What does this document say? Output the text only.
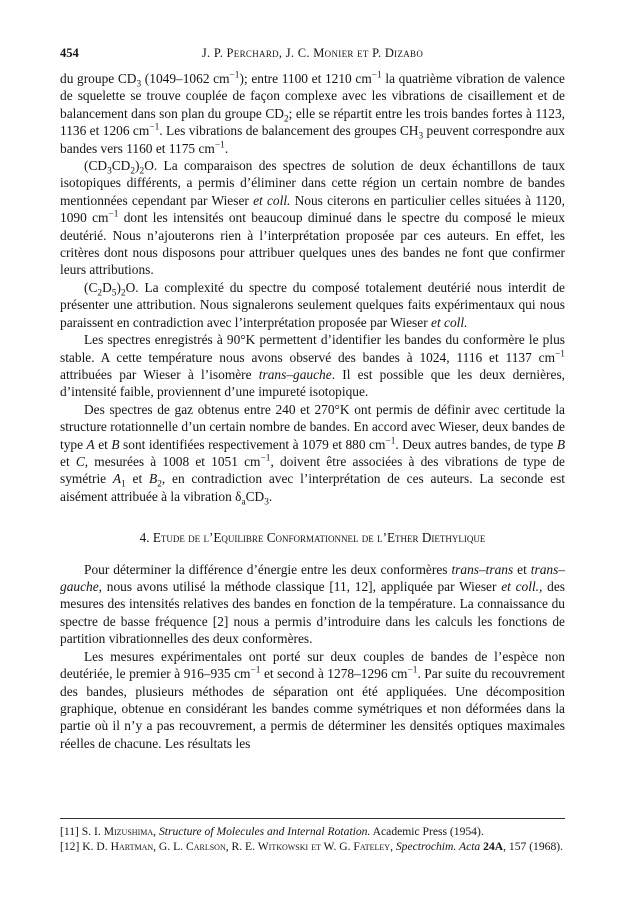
454	J. P. Perchard, J. C. Monier et P. Dizabo

du groupe $CD_3$ (1049–1062 $cm^{-1}$); entre 1100 et 1210 $cm^{-1}$ la quatrième vibration de valence de squelette se trouve couplée de façon complexe avec les vibrations de cisaillement et de balancement dans son plan du groupe $CD_2$; elle se répartit entre les trois bandes fortes à 1123, 1136 et 1206 $cm^{-1}$. Les vibrations de balancement des groupes $CH_3$ peuvent correspondre aux bandes vers 1160 et 1175 $cm^{-1}$.

$(CD_3CD_2)_2O$. La comparaison des spectres de solution de deux échantillons de taux isotopiques différents, a permis d’éliminer dans cette région un certain nombre de bandes mentionnées cependant par Wieser et coll. Nous citerons en particulier celles situées à 1120, 1090 $cm^{-1}$ dont les intensités ont beaucoup diminué dans le spectre du composé le mieux deutérié. Nous n’ajouterons rien à l’interprétation proposée par ces auteurs. En effet, les critères dont nous disposons pour attribuer quelques unes des bandes ne font que confirmer leurs attributions.

$(C_2D_5)_2O$. La complexité du spectre du composé totalement deutérié nous interdit de présenter une attribution. Nous signalerons seulement quelques faits expérimentaux qui nous paraissent en contradiction avec l’interprétation proposée par Wieser et coll.

Les spectres enregistrés à 90°K permettent d’identifier les bandes du conformère le plus stable. A cette température nous avons observé des bandes à 1024, 1116 et 1137 $cm^{-1}$ attribuées par Wieser à l’isomère trans–gauche. Il est possible que les deux dernières, d’intensité faible, proviennent d’une impureté isotopique.

Des spectres de gaz obtenus entre 240 et 270°K ont permis de définir avec certitude la structure rotationnelle d’un certain nombre de bandes. En accord avec Wieser, deux bandes de type A et B sont identifiées respectivement à 1079 et 880 $cm^{-1}$. Deux autres bandes, de type B et C, mesurées à 1008 et 1051 $cm^{-1}$, doivent être associées à des vibrations de type de symétrie $A_1$ et $B_2$, en contradiction avec l’interprétation de ces auteurs. La seconde est aisément attribuée à la vibration $\delta_aCD_3$.

4. Etude de l’Equilibre Conformationnel de l’Ether Diethylique

Pour déterminer la différence d’énergie entre les deux conformères trans–trans et trans–gauche, nous avons utilisé la méthode classique [11, 12], appliquée par Wieser et coll., des mesures des intensités relatives des bandes en fonction de la température. La connaissance du spectre de basse fréquence [2] nous a permis d’introduire dans les calculs les fonctions de partition vibrationnelles des deux conformères.

Les mesures expérimentales ont porté sur deux couples de bandes de l’espèce non deutériée, le premier à 916–935 $cm^{-1}$ et second à 1278–1296 $cm^{-1}$. Par suite du recouvrement des bandes, plusieurs méthodes de séparation ont été appliquées. Une décomposition graphique, obtenue en considérant les bandes comme symétriques et non déformées dans la partie où il n’y a pas recouvrement, a permis de déterminer les densités optiques maximales réelles de chacune. Les résultats les

[11] S. I. Mizushima, Structure of Molecules and Internal Rotation. Academic Press (1954).

[12] K. D. Hartman, G. L. Carlson, R. E. Witkowski et W. G. Fateley, Spectrochim. Acta 24A, 157 (1968).
